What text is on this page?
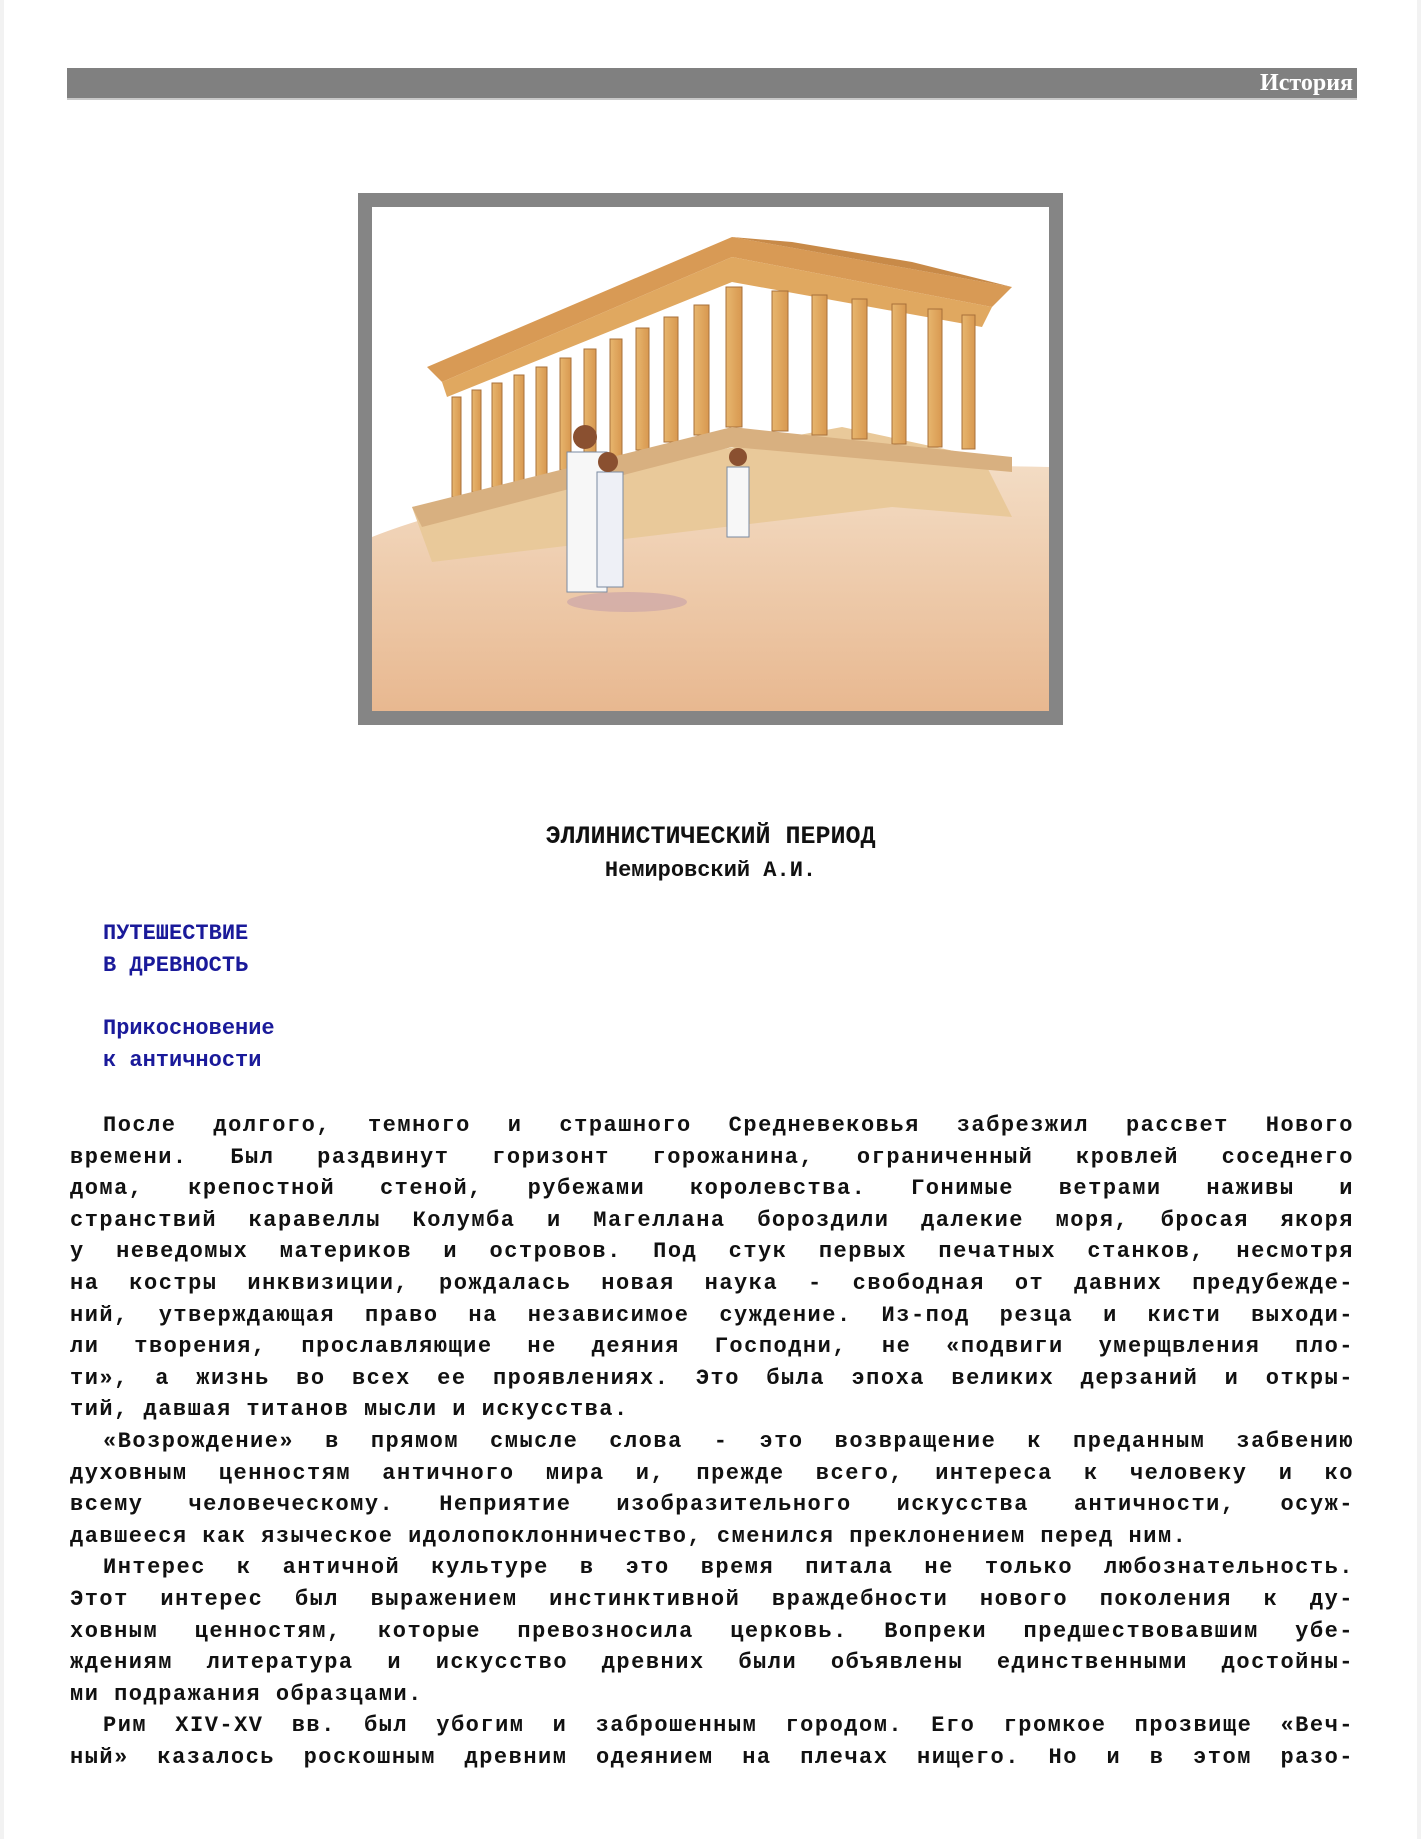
История
ЭЛЛИНИСТИЧЕСКИЙ ПЕРИОД
Немировский А.И.
ПУТЕШЕСТВИЕ
В ДРЕВНОСТЬ
Прикосновение
к античности
После долгого, темного и страшного Средневековья забрезжил рассвет Нового
времени. Был раздвинут горизонт горожанина, ограниченный кровлей соседнего
дома, крепостной стеной, рубежами королевства. Гонимые ветрами наживы и
странствий каравеллы Колумба и Магеллана бороздили далекие моря, бросая якоря
у неведомых материков и островов. Под стук первых печатных станков, несмотря
на костры инквизиции, рождалась новая наука - свободная от давних предубежде-
ний, утверждающая право на независимое суждение. Из-под резца и кисти выходи-
ли творения, прославляющие не деяния Господни, не «подвиги умерщвления пло-
ти», а жизнь во всех ее проявлениях. Это была эпоха великих дерзаний и откры-
тий, давшая титанов мысли и искусства.
«Возрождение» в прямом смысле слова - это возвращение к преданным забвению
духовным ценностям античного мира и, прежде всего, интереса к человеку и ко
всему человеческому. Неприятие изобразительного искусства античности, осуж-
давшееся как языческое идолопоклонничество, сменился преклонением перед ним.
Интерес к античной культуре в это время питала не только любознательность.
Этот интерес был выражением инстинктивной враждебности нового поколения к ду-
ховным ценностям, которые превозносила церковь. Вопреки предшествовавшим убе-
ждениям литература и искусство древних были объявлены единственными достойны-
ми подражания образцами.
Рим XIV-XV вв. был убогим и заброшенным городом. Его громкое прозвище «Веч-
ный» казалось роскошным древним одеянием на плечах нищего. Но и в этом разо-
